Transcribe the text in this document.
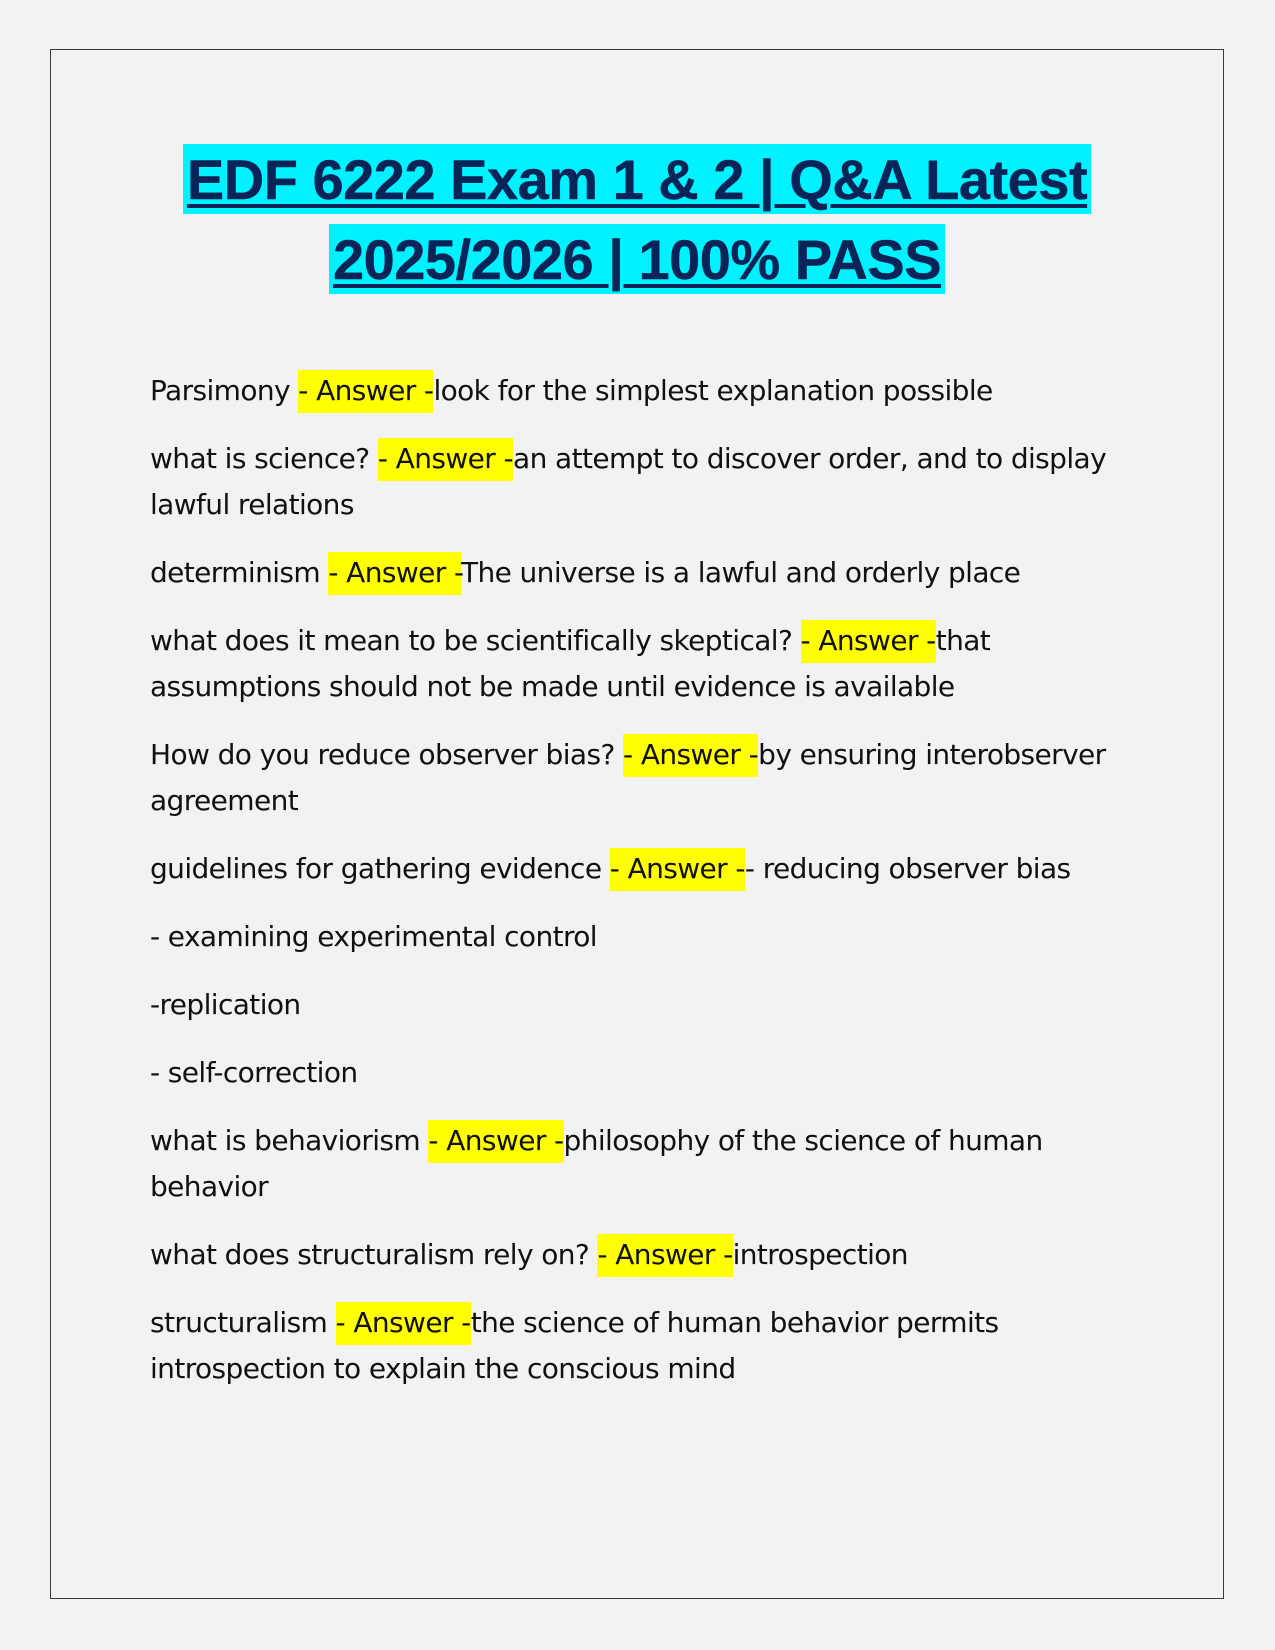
EDF 6222 Exam 1 & 2 | Q&A Latest
2025/2026 | 100% PASS

Parsimony - Answer -look for the simplest explanation possible

what is science? - Answer -an attempt to discover order, and to display lawful relations

determinism - Answer -The universe is a lawful and orderly place

what does it mean to be scientifically skeptical? - Answer -that assumptions should not be made until evidence is available

How do you reduce observer bias? - Answer -by ensuring interobserver agreement

guidelines for gathering evidence - Answer -- reducing observer bias

- examining experimental control

-replication

- self-correction

what is behaviorism - Answer -philosophy of the science of human behavior

what does structuralism rely on? - Answer -introspection

structuralism - Answer -the science of human behavior permits introspection to explain the conscious mind
